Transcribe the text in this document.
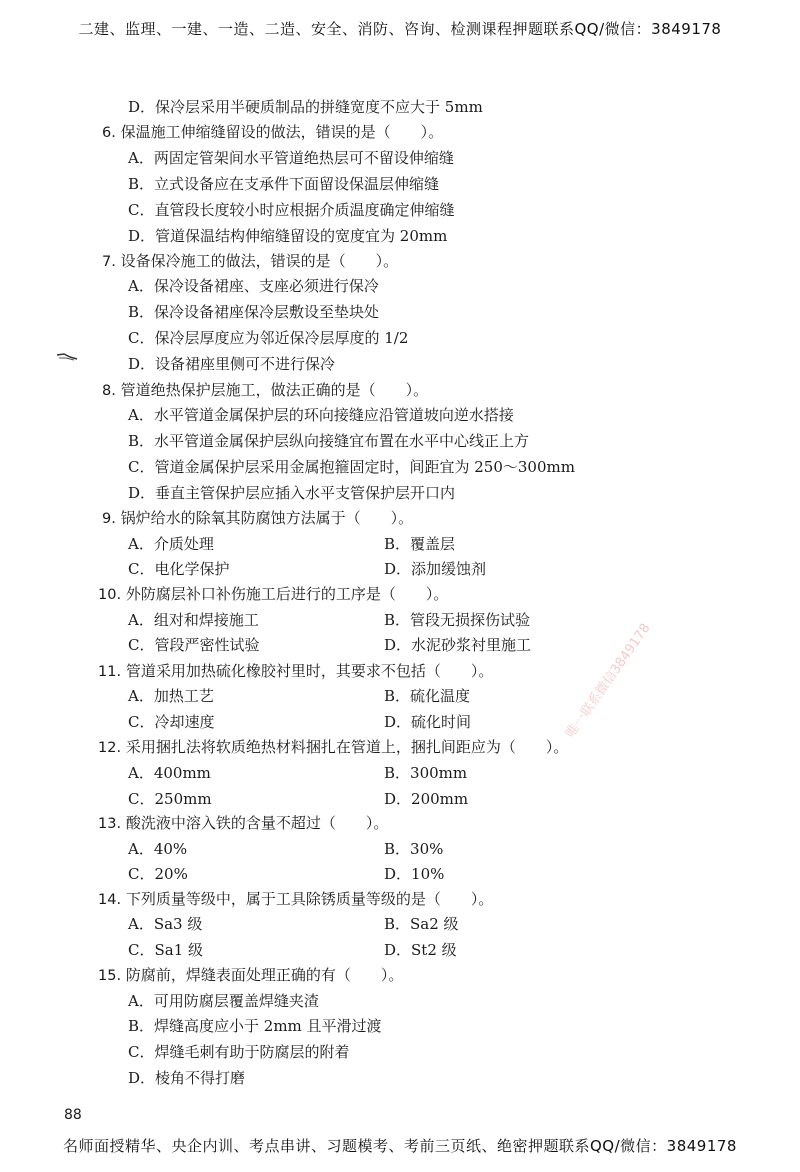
二建、监理、一建、一造、二造、安全、消防、咨询、检测课程押题联系QQ/微信：3849178
D．保冷层采用半硬质制品的拼缝宽度不应大于 5mm
6. 保温施工伸缩缝留设的做法，错误的是（　　）。
A．两固定管架间水平管道绝热层可不留设伸缩缝
B．立式设备应在支承件下面留设保温层伸缩缝
C．直管段长度较小时应根据介质温度确定伸缩缝
D．管道保温结构伸缩缝留设的宽度宜为 20mm
7. 设备保冷施工的做法，错误的是（　　）。
A．保冷设备裙座、支座必须进行保冷
B．保冷设备裙座保冷层敷设至垫块处
C．保冷层厚度应为邻近保冷层厚度的 1/2
D．设备裙座里侧可不进行保冷
8. 管道绝热保护层施工，做法正确的是（　　）。
A．水平管道金属保护层的环向接缝应沿管道坡向逆水搭接
B．水平管道金属保护层纵向接缝宜布置在水平中心线正上方
C．管道金属保护层采用金属抱箍固定时，间距宜为 250～300mm
D．垂直主管保护层应插入水平支管保护层开口内
9. 锅炉给水的除氧其防腐蚀方法属于（　　）。
A．介质处理	B．覆盖层
C．电化学保护	D．添加缓蚀剂
10. 外防腐层补口补伤施工后进行的工序是（　　）。
A．组对和焊接施工	B．管段无损探伤试验
C．管段严密性试验	D．水泥砂浆衬里施工
11. 管道采用加热硫化橡胶衬里时，其要求不包括（　　）。
A．加热工艺	B．硫化温度
C．冷却速度	D．硫化时间
12. 采用捆扎法将软质绝热材料捆扎在管道上，捆扎间距应为（　　）。
A．400mm	B．300mm
C．250mm	D．200mm
13. 酸洗液中溶入铁的含量不超过（　　）。
A．40%	B．30%
C．20%	D．10%
14. 下列质量等级中，属于工具除锈质量等级的是（　　）。
A．Sa3 级	B．Sa2 级
C．Sa1 级	D．St2 级
15. 防腐前，焊缝表面处理正确的有（　　）。
A．可用防腐层覆盖焊缝夹渣
B．焊缝高度应小于 2mm 且平滑过渡
C．焊缝毛刺有助于防腐层的附着
D．棱角不得打磨
88
唯一联系微信3849178
名师面授精华、央企内训、考点串讲、习题模考、考前三页纸、绝密押题联系QQ/微信：3849178
